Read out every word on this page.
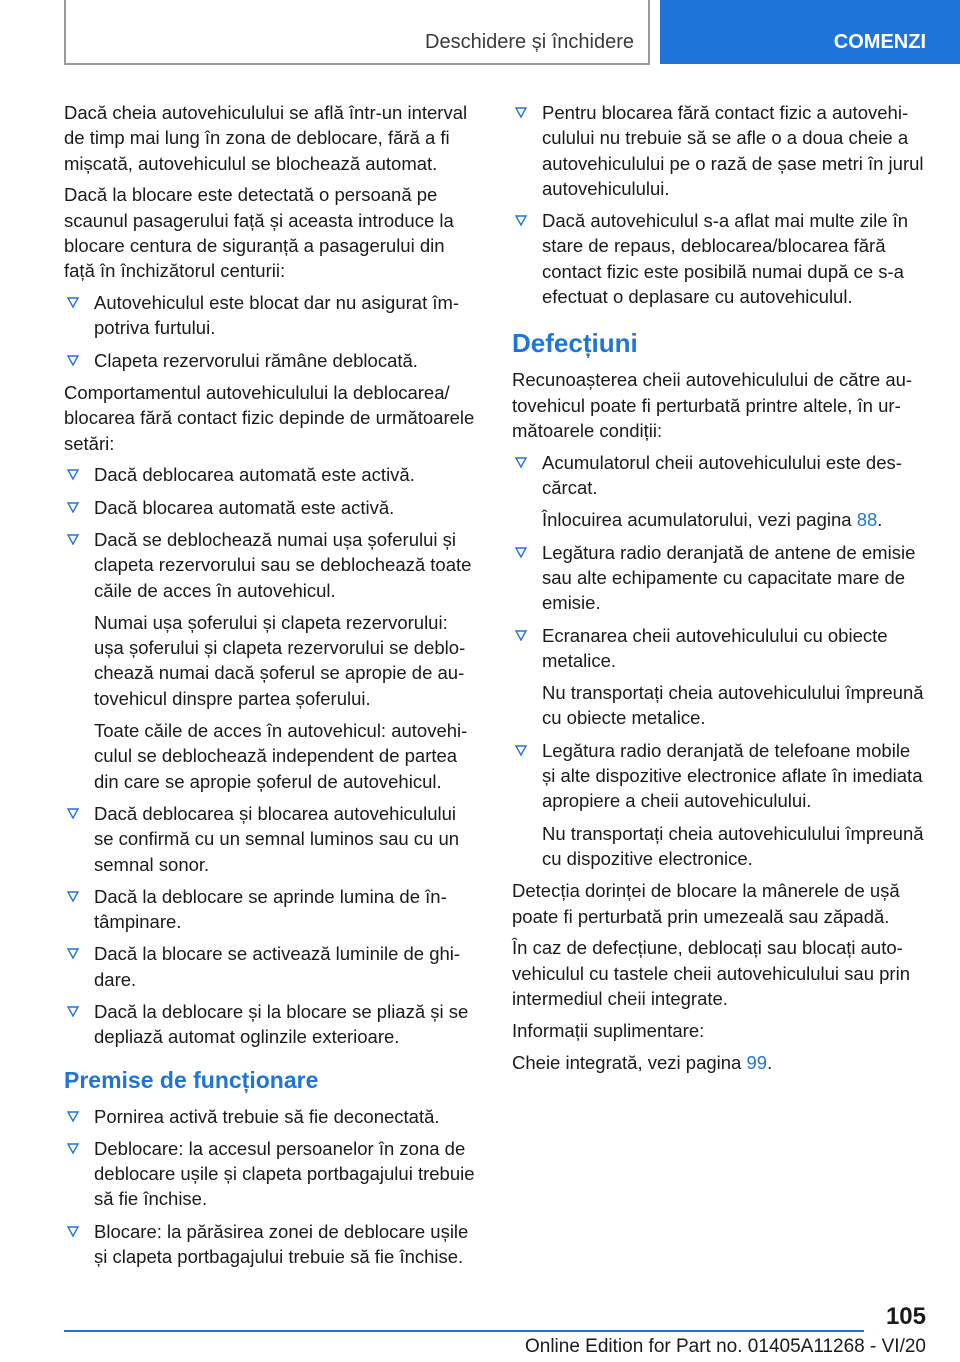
Deschidere și închidere	COMENZI

Dacă cheia autovehiculului se află într-un interval de timp mai lung în zona de deblocare, fără a fi mișcată, autovehiculul se blochează automat.

Dacă la blocare este detectată o persoană pe scaunul pasagerului față și aceasta introduce la blocare centura de siguranță a pasagerului din față în închizătorul centurii:

Autovehiculul este blocat dar nu asigurat împotriva furtului.
Clapeta rezervorului rămâne deblocată.

Comportamentul autovehiculului la deblocarea/ blocarea fără contact fizic depinde de următoarele setări:

Dacă deblocarea automată este activă.
Dacă blocarea automată este activă.
Dacă se deblochează numai ușa șoferului și clapeta rezervorului sau se deblochează toate căile de acces în autovehicul.

Numai ușa șoferului și clapeta rezervorului: ușa șoferului și clapeta rezervorului se deblochează numai dacă șoferul se apropie de autovehicul dinspre partea șoferului.

Toate căile de acces în autovehicul: autovehiculul se deblochează independent de partea din care se apropie șoferul de autovehicul.

Dacă deblocarea și blocarea autovehiculului se confirmă cu un semnal luminos sau cu un semnal sonor.
Dacă la deblocare se aprinde lumina de întâmpinare.
Dacă la blocare se activează luminile de ghidare.
Dacă la deblocare și la blocare se pliază și se depliază automat oglinzile exterioare.
Premise de funcționare
Pornirea activă trebuie să fie deconectată.
Deblocare: la accesul persoanelor în zona de deblocare ușile și clapeta portbagajului trebuie să fie închise.
Blocare: la părăsirea zonei de deblocare ușile și clapeta portbagajului trebuie să fie închise.
Pentru blocarea fără contact fizic a autovehiculului nu trebuie să se afle o a doua cheie a autovehiculului pe o rază de șase metri în jurul autovehiculului.
Dacă autovehiculul s-a aflat mai multe zile în stare de repaus, deblocarea/blocarea fără contact fizic este posibilă numai după ce s-a efectuat o deplasare cu autovehiculul.
Defecțiuni

Recunoașterea cheii autovehiculului de către autovehicul poate fi perturbată printre altele, în următoarele condiții:

Acumulatorul cheii autovehiculului este descărcat.

Înlocuirea acumulatorului, vezi pagina 88.

Legătura radio deranjată de antene de emisie sau alte echipamente cu capacitate mare de emisie.
Ecranarea cheii autovehiculului cu obiecte metalice.

Nu transportați cheia autovehiculului împreună cu obiecte metalice.

Legătura radio deranjată de telefoane mobile și alte dispozitive electronice aflate în imediata apropiere a cheii autovehiculului.

Nu transportați cheia autovehiculului împreună cu dispozitive electronice.

Detecția dorinței de blocare la mânerele de ușă poate fi perturbată prin umezeală sau zăpadă.

În caz de defecțiune, deblocați sau blocați autovehiculul cu tastele cheii autovehiculului sau prin intermediul cheii integrate.

Informații suplimentare:

Cheie integrată, vezi pagina 99.

105
Online Edition for Part no. 01405A11268 - VI/20
